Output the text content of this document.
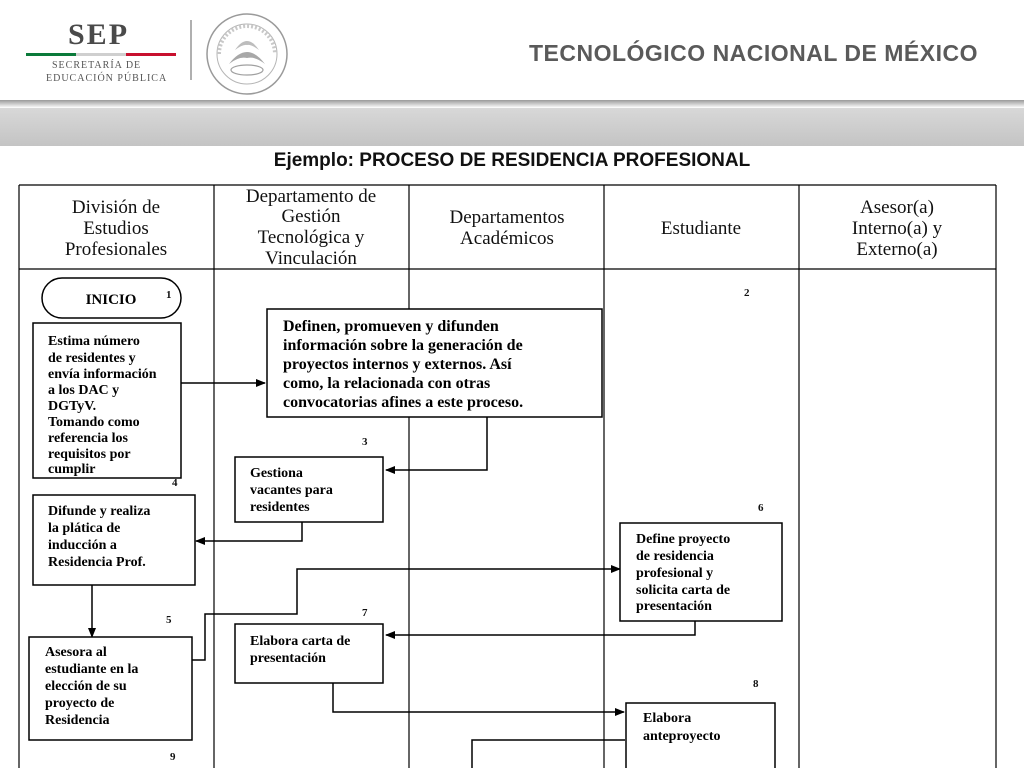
SEP
SECRETARÍA DE
EDUCACIÓN PÚBLICA
TECNOLÓGICO NACIONAL DE MÉXICO
Ejemplo: PROCESO DE RESIDENCIA PROFESIONAL
División de
Estudios
Profesionales
Departamento de
Gestión
Tecnológica y
Vinculación
Departamentos
Académicos	Estudiante
Asesor(a)
Interno(a) y
Externo(a)
INICIO
Estima número
de residentes y
envía información
a los DAC y
DGTyV.
Tomando como
referencia los
requisitos por
cumplir
Definen, promueven y difunden
información sobre la generación de
proyectos internos y externos. Así
como, la relacionada con otras
convocatorias afines a este proceso.
Gestiona
vacantes para
residentes
Difunde y realiza
la plática de
inducción a
Residencia Prof.
Asesora al
estudiante en la
elección de su
proyecto de
Residencia
Define proyecto
de residencia
profesional y
solicita carta de
presentación
Elabora carta de
presentación
Elabora
anteproyecto
1	2
3
4
5
6
7
8
9
